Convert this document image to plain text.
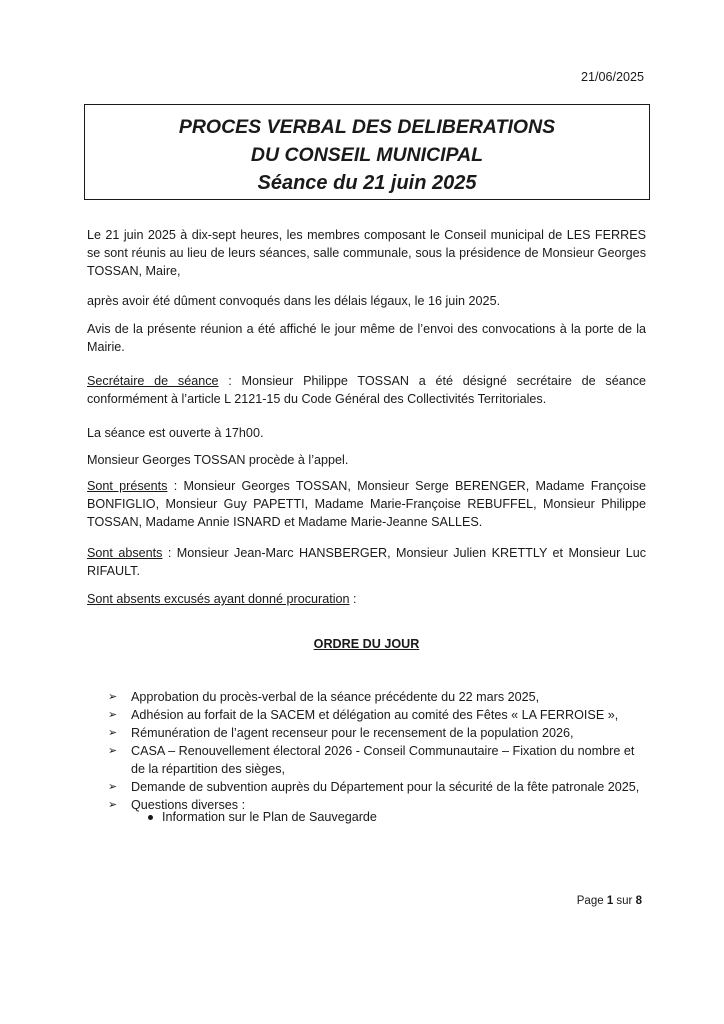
21/06/2025
PROCES VERBAL DES DELIBERATIONS
DU CONSEIL MUNICIPAL
Séance du 21 juin 2025
Le 21 juin 2025 à dix-sept heures, les membres composant le Conseil municipal de LES FERRES se sont réunis au lieu de leurs séances, salle communale, sous la présidence de Monsieur Georges TOSSAN, Maire,
après avoir été dûment convoqués dans les délais légaux, le 16 juin 2025.
Avis de la présente réunion a été affiché le jour même de l’envoi des convocations à la porte de la Mairie.
Secrétaire de séance : Monsieur Philippe TOSSAN a été désigné secrétaire de séance conformément à l’article L 2121-15 du Code Général des Collectivités Territoriales.
La séance est ouverte à 17h00.
Monsieur Georges TOSSAN procède à l’appel.
Sont présents : Monsieur Georges TOSSAN, Monsieur Serge BERENGER, Madame Françoise BONFIGLIO, Monsieur Guy PAPETTI, Madame Marie-Françoise REBUFFEL, Monsieur Philippe TOSSAN, Madame Annie ISNARD et Madame Marie-Jeanne SALLES.
Sont absents : Monsieur Jean-Marc HANSBERGER, Monsieur Julien KRETTLY et Monsieur Luc RIFAULT.
Sont absents excusés ayant donné procuration :
ORDRE DU JOUR
➢	Approbation du procès-verbal de la séance précédente du 22 mars 2025,
➢	Adhésion au forfait de la SACEM et délégation au comité des Fêtes « LA FERROISE »,
➢	Rémunération de l’agent recenseur pour le recensement de la population 2026,
➢	CASA – Renouvellement électoral 2026 - Conseil Communautaire – Fixation du nombre et de la répartition des sièges,
➢	Demande de subvention auprès du Département pour la sécurité de la fête patronale 2025,
➢	Questions diverses :
Information sur le Plan de Sauvegarde
Page 1 sur 8
